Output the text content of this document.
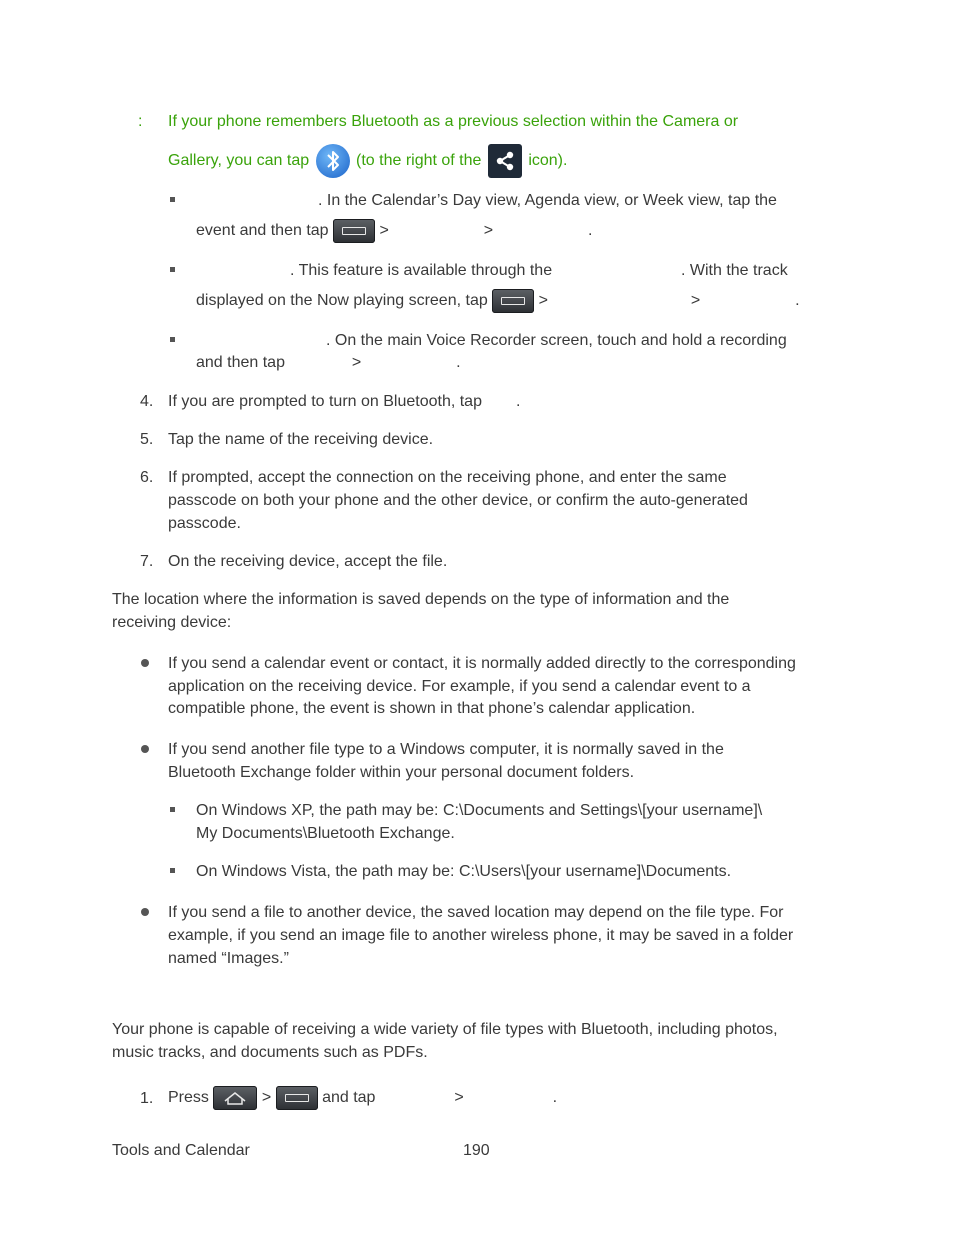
: If your phone remembers Bluetooth as a previous selection within the Camera or
Gallery, you can tap	(to the right of the	icon).
. In the Calendar’s Day view, Agenda view, or Week view, tap the
event and then tap	>	>	.
. This feature is available through the	. With the track
displayed on the Now playing screen, tap	>	>	.
. On the main Voice Recorder screen, touch and hold a recording
and then tap	>	.
4. If you are prompted to turn on Bluetooth, tap .
5. Tap the name of the receiving device.
6. If prompted, accept the connection on the receiving phone, and enter the same
passcode on both your phone and the other device, or confirm the auto-generated
passcode.
7. On the receiving device, accept the file.
The location where the information is saved depends on the type of information and the
receiving device:
If you send a calendar event or contact, it is normally added directly to the corresponding
application on the receiving device. For example, if you send a calendar event to a
compatible phone, the event is shown in that phone’s calendar application.
If you send another file type to a Windows computer, it is normally saved in the
Bluetooth Exchange folder within your personal document folders.
On Windows XP, the path may be: C:\Documents and Settings\[your username]\
My Documents\Bluetooth Exchange.
On Windows Vista, the path may be: C:\Users\[your username]\Documents.
If you send a file to another device, the saved location may depend on the file type. For
example, if you send an image file to another wireless phone, it may be saved in a folder
named “Images.”
Your phone is capable of receiving a wide variety of file types with Bluetooth, including photos,
music tracks, and documents such as PDFs.
1. Press	>	and tap	>	.
Tools and Calendar	190
